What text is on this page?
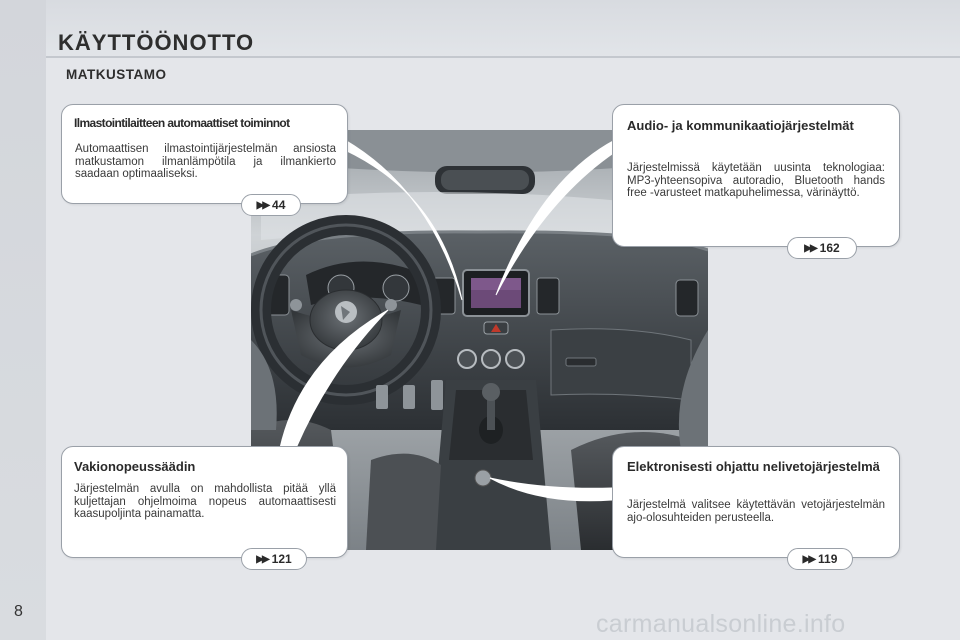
KÄYTTÖÖNOTTO
MATKUSTAMO
Ilmastointilaitteen automaattiset toiminnot

Automaattisen ilmastointijärjestelmän ansiosta matkustamon ilmanlämpötila ja ilmankierto saadaan optimaaliseksi.

▶▶ 44
Audio- ja kommunikaatiojärjestelmät

Järjestelmissä käytetään uusinta teknologiaa: MP3-yhteensopiva autoradio, Bluetooth hands free -varusteet matkapuhelimessa, värinäyttö.

▶▶ 162
Vakionopeussäädin

Järjestelmän avulla on mahdollista pitää yllä kuljettajan ohjelmoima nopeus automaattisesti kaasupoljinta painamatta.

▶▶ 121
Elektronisesti ohjattu nelivetojärjestelmä

Järjestelmä valitsee käytettävän vetojärjestelmän ajo-olosuhteiden perusteella.

▶▶ 119
8	carmanualsonline.info
